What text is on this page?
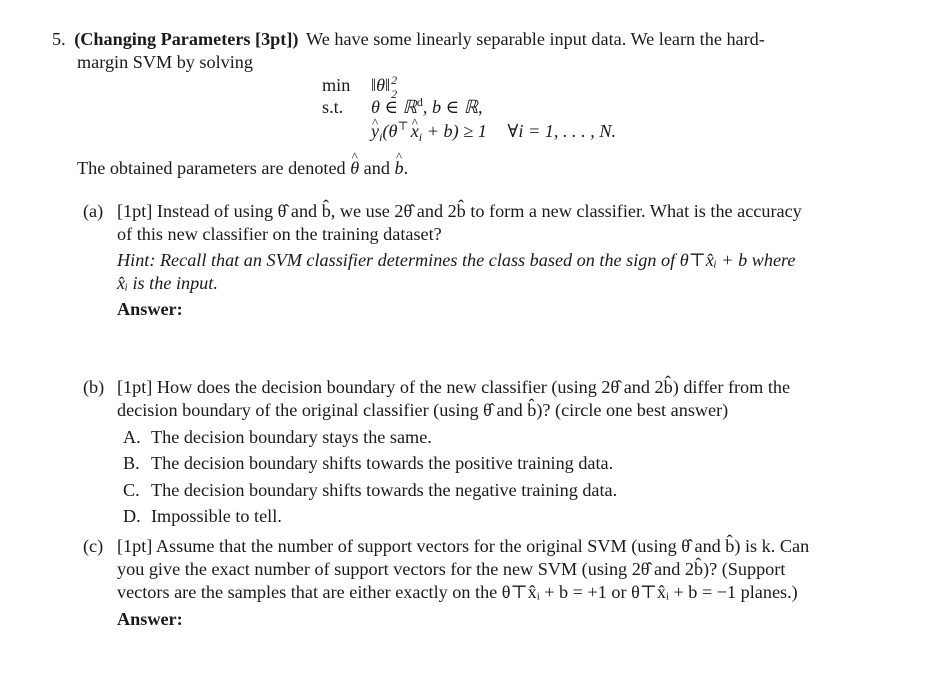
5. (Changing Parameters [3pt]) We have some linearly separable input data. We learn the hard-
margin SVM by solving
min ‖θ‖ 2
2
s.t. θ ∈ ℝ$^d$, b ∈ ℝ,
^ $y_i(\theta^⊤$ ^ $x_i + b) \ge 1$ ∀i = 1, . . . , N.
The obtained parameters are denoted ^ θ and ^ b.
(a) [1pt] Instead of using θ̂ and b̂, we use 2θ̂ and 2b̂ to form a new classifier. What is the accuracy
of this new classifier on the training dataset?
Hint: Recall that an SVM classifier determines the class based on the sign of θ⊤x̂ᵢ + b where
x̂ᵢ is the input.
Answer:
(b) [1pt] How does the decision boundary of the new classifier (using 2θ̂ and 2b̂) differ from the
decision boundary of the original classifier (using θ̂ and b̂)? (circle one best answer)
A. The decision boundary stays the same.
B. The decision boundary shifts towards the positive training data.
C. The decision boundary shifts towards the negative training data.
D. Impossible to tell.
(c) [1pt] Assume that the number of support vectors for the original SVM (using θ̂ and b̂) is k. Can
you give the exact number of support vectors for the new SVM (using 2θ̂ and 2b̂)? (Support
vectors are the samples that are either exactly on the θ⊤x̂ᵢ + b = +1 or θ⊤x̂ᵢ + b = −1 planes.)
Answer:
